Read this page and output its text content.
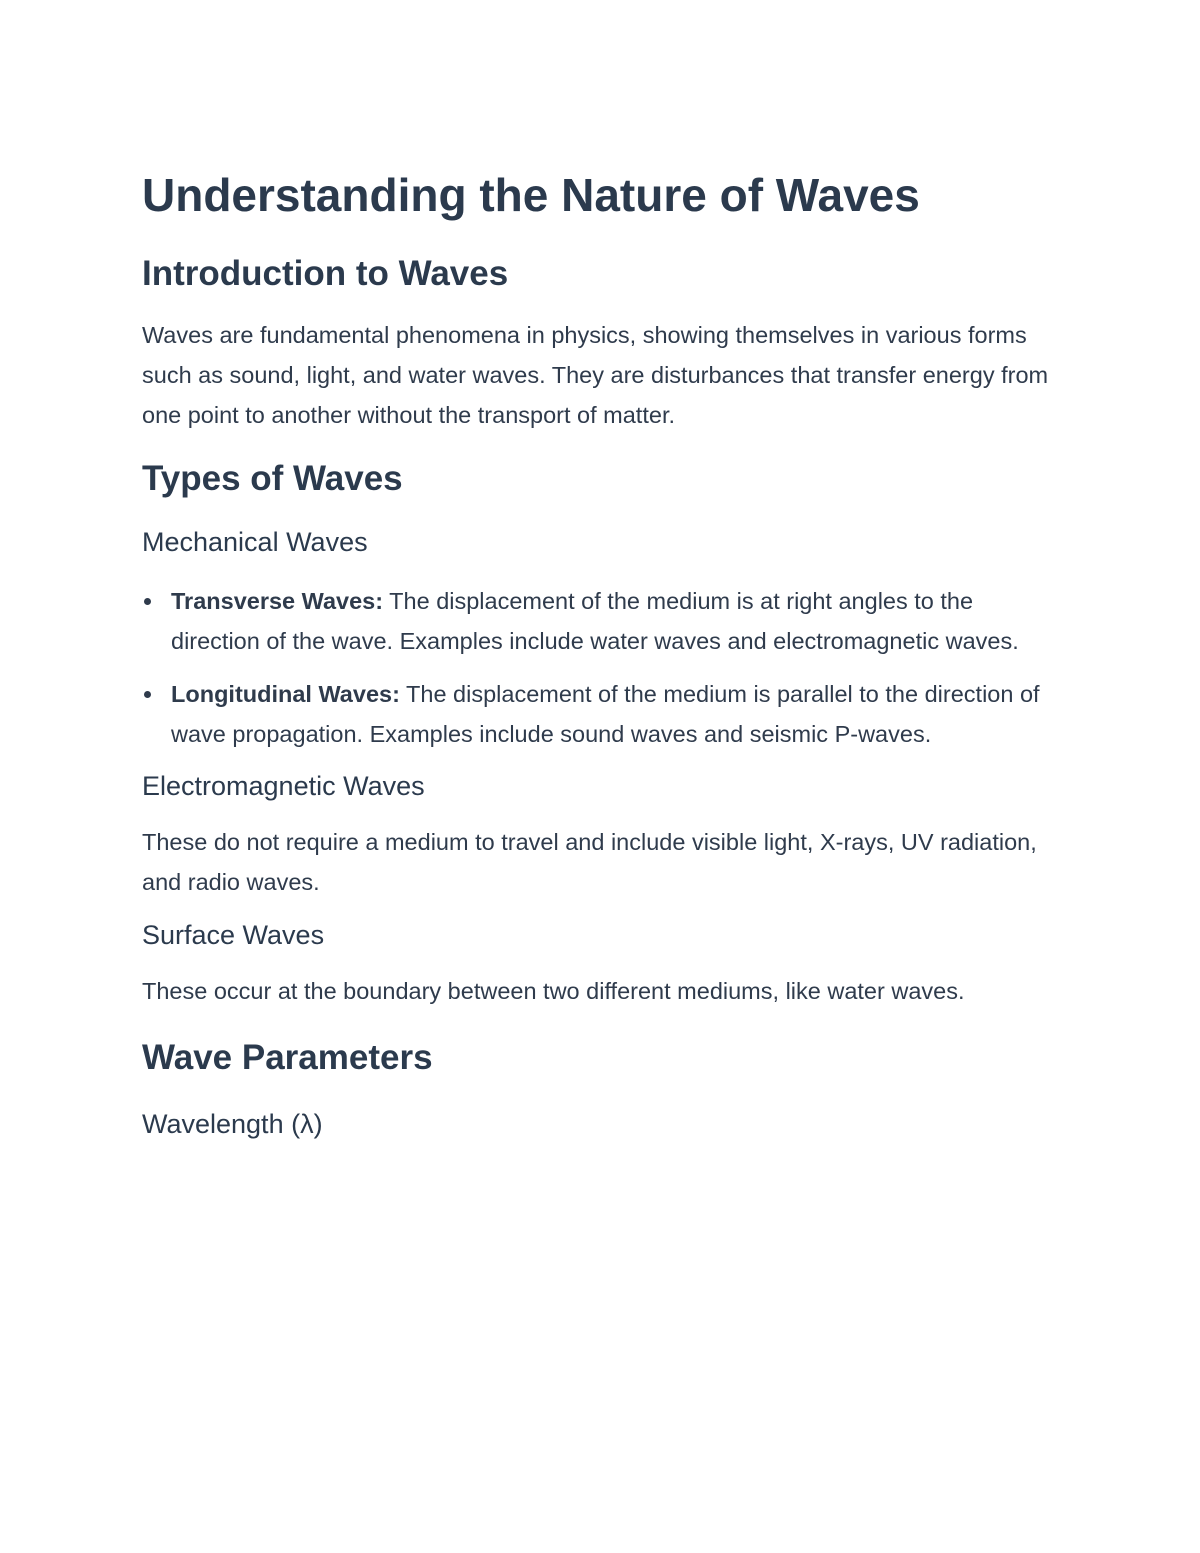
Understanding the Nature of Waves
Introduction to Waves

Waves are fundamental phenomena in physics, showing themselves in various forms such as sound, light, and water waves. They are disturbances that transfer energy from one point to another without the transport of matter.

Types of Waves
Mechanical Waves
Transverse Waves: The displacement of the medium is at right angles to the direction of the wave. Examples include water waves and electromagnetic waves.
Longitudinal Waves: The displacement of the medium is parallel to the direction of wave propagation. Examples include sound waves and seismic P-waves.
Electromagnetic Waves

These do not require a medium to travel and include visible light, X-rays, UV radiation, and radio waves.

Surface Waves

These occur at the boundary between two different mediums, like water waves.

Wave Parameters
Wavelength (λ)
